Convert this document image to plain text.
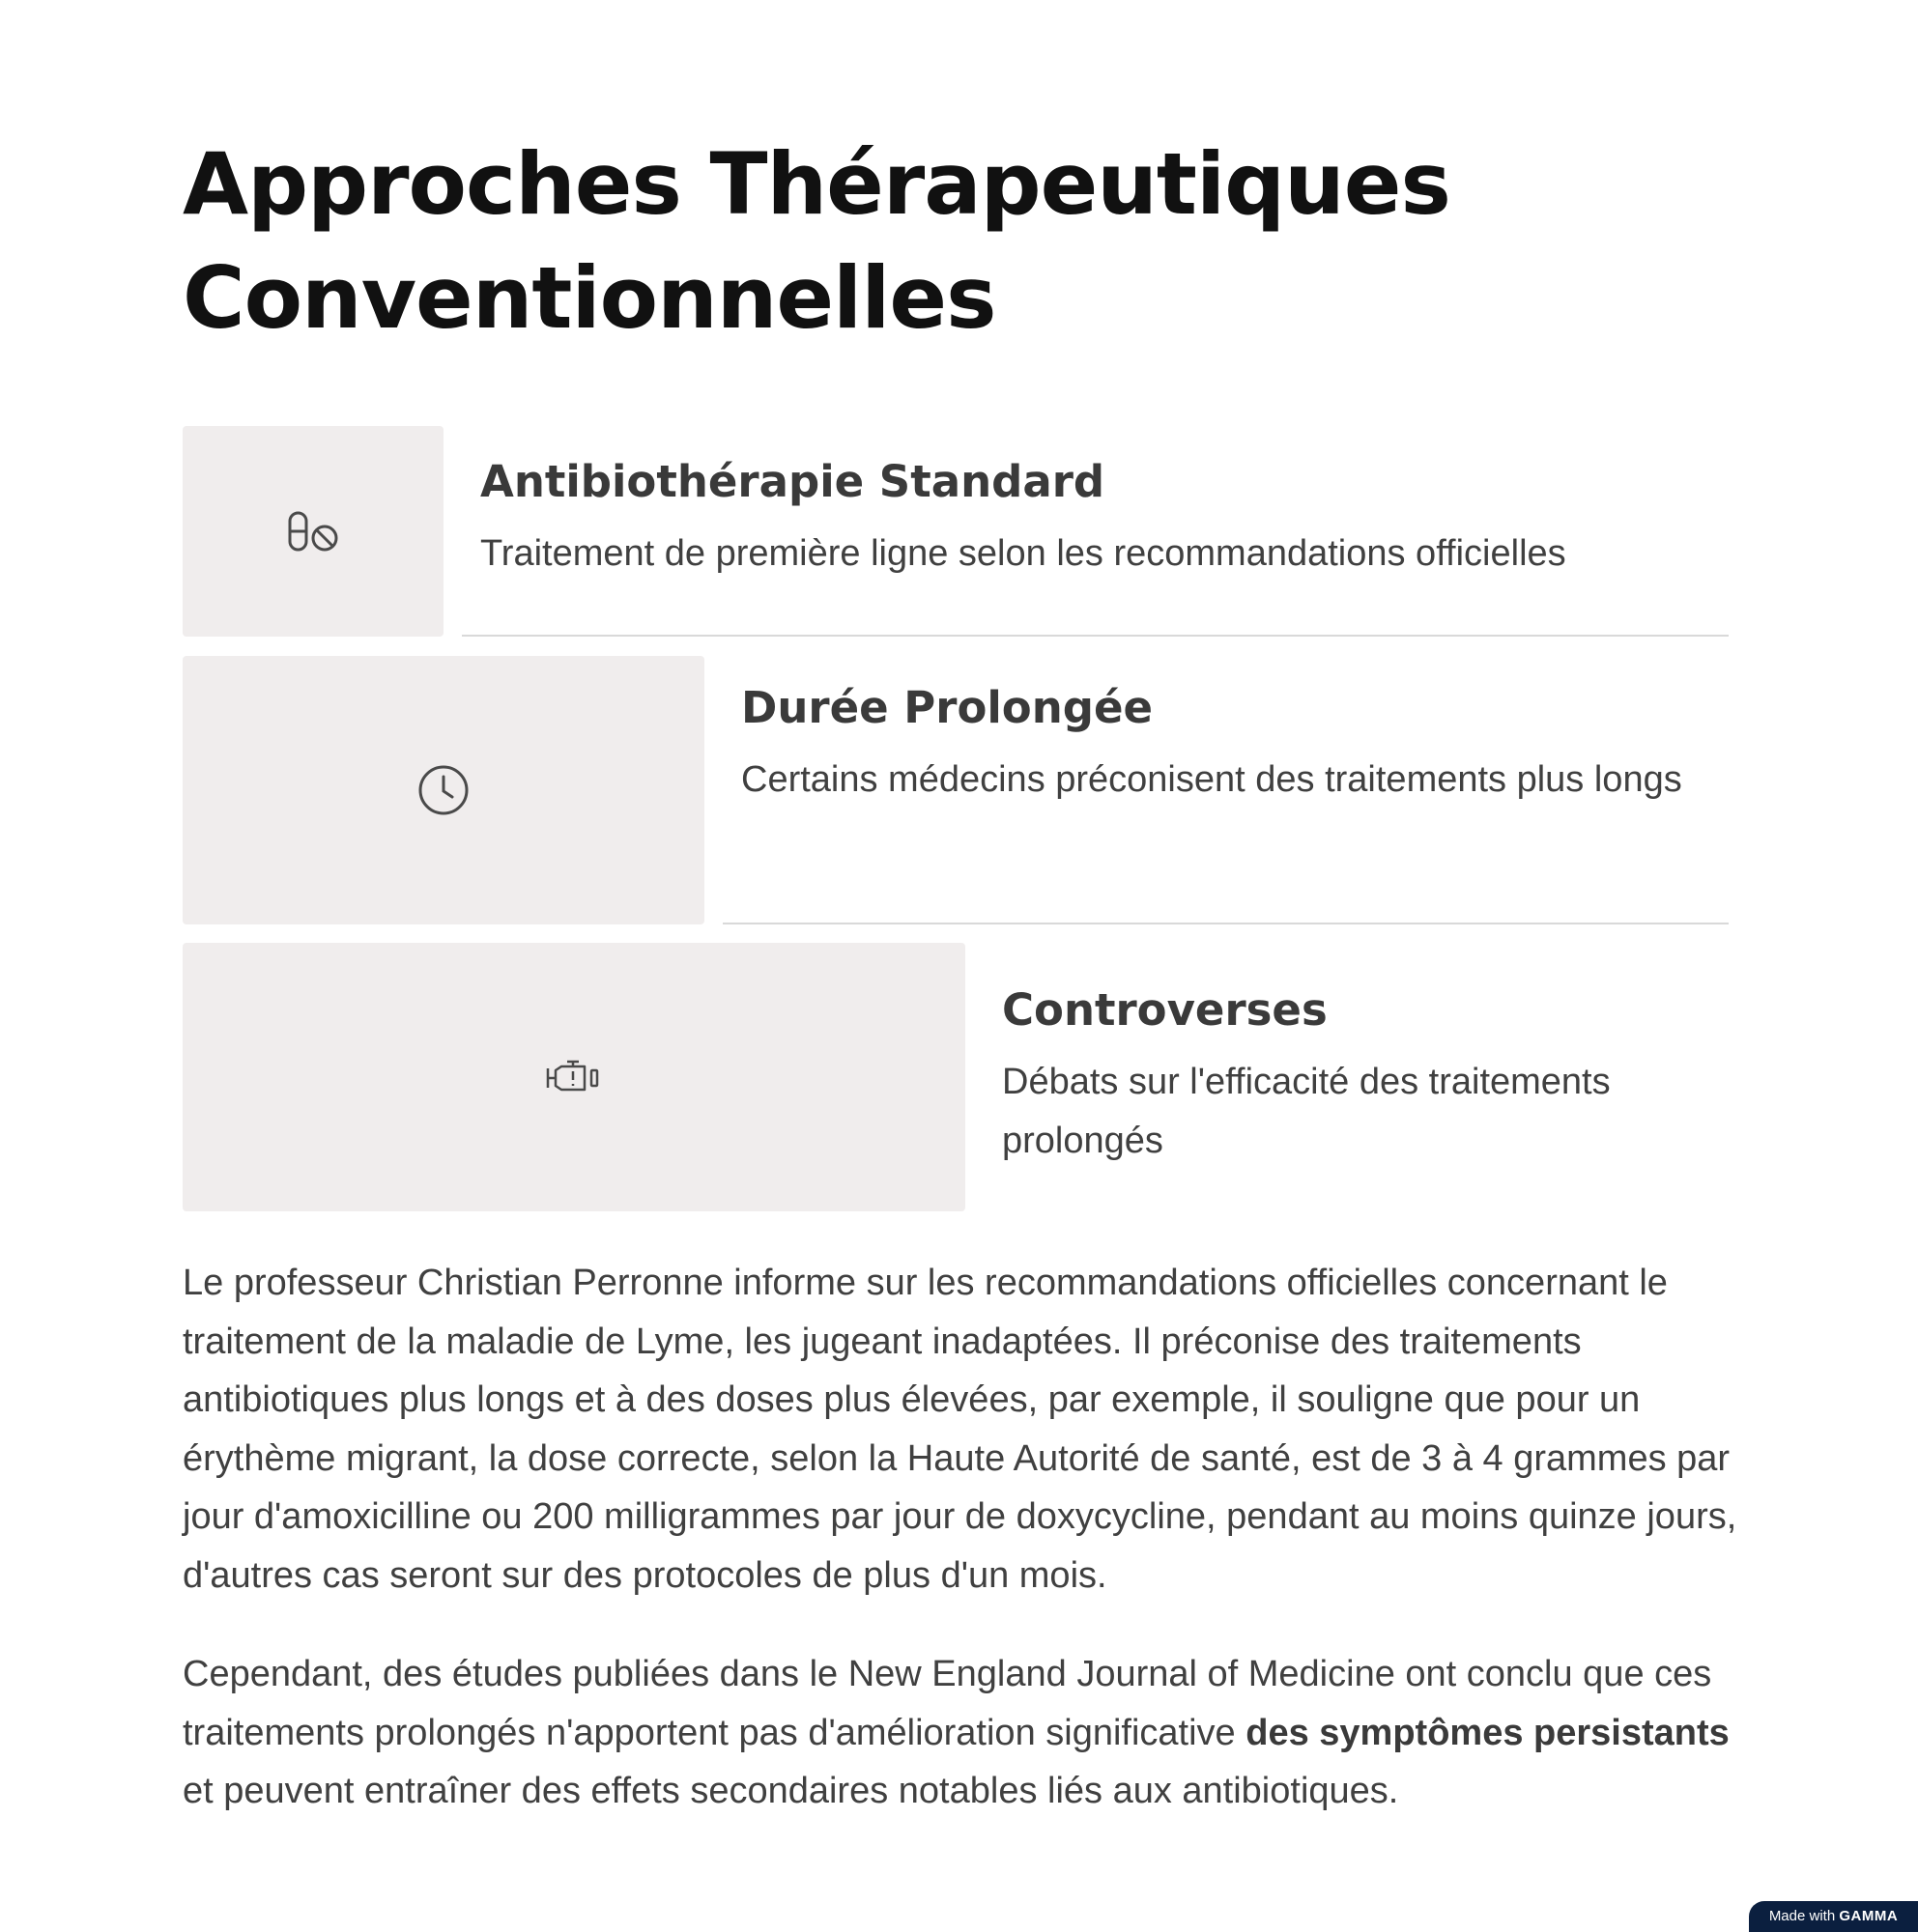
Approches Thérapeutiques Conventionnelles
Antibiothérapie Standard

Traitement de première ligne selon les recommandations officielles

Durée Prolongée

Certains médecins préconisent des traitements plus longs

Controverses

Débats sur l'efficacité des traitements prolongés

Le professeur Christian Perronne informe sur les recommandations officielles concernant le traitement de la maladie de Lyme, les jugeant inadaptées. Il préconise des traitements antibiotiques plus longs et à des doses plus élevées, par exemple, il souligne que pour un érythème migrant, la dose correcte, selon la Haute Autorité de santé, est de 3 à 4 grammes par jour d'amoxicilline ou 200 milligrammes par jour de doxycycline, pendant au moins quinze jours, d'autres cas seront sur des protocoles de plus d'un mois.

Cependant, des études publiées dans le New England Journal of Medicine ont conclu que ces traitements prolongés n'apportent pas d'amélioration significative des symptômes persistants et peuvent entraîner des effets secondaires notables liés aux antibiotiques.

Made with GAMMA
